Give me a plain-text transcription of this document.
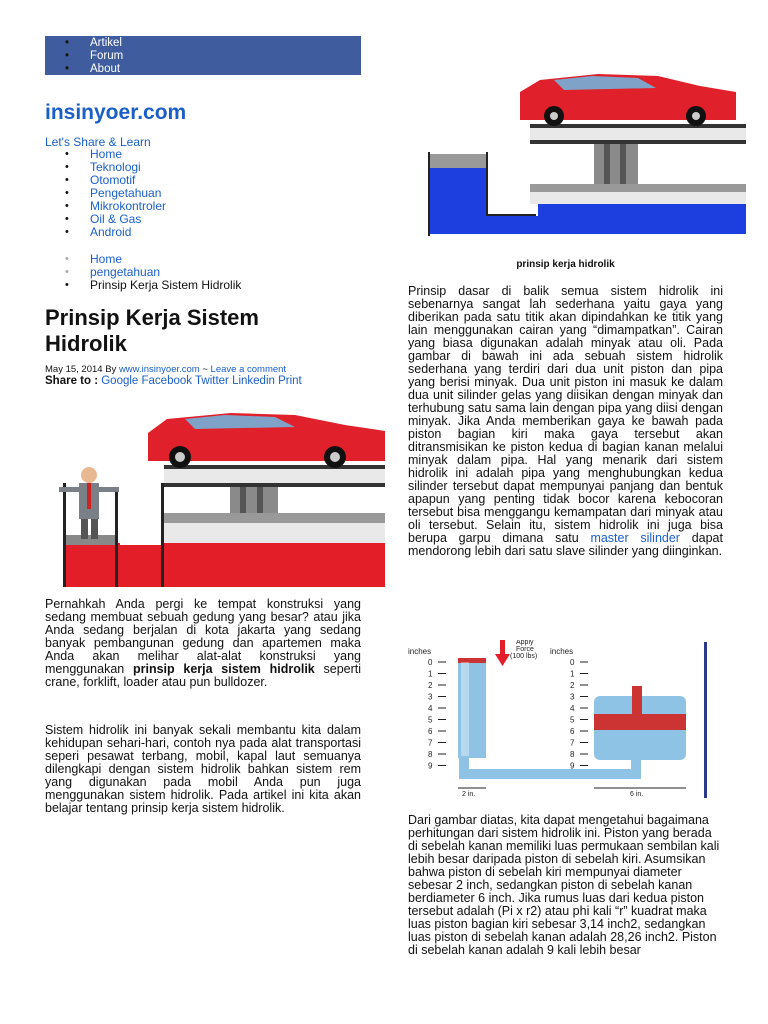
• Artikel
• Forum
• About
insinyoer.com
Let's Share & Learn
• Home
• Teknologi
• Otomotif
• Pengetahuan
• Mikrokontroler
• Oil & Gas
• Android
• Home
• pengetahuan
• Prinsip Kerja Sistem Hidrolik
Prinsip Kerja Sistem Hidrolik
May 15, 2014 By www.insinyoer.com ~ Leave a comment
Share to : Google Facebook Twitter Linkedin Print

Pernahkah Anda pergi ke tempat konstruksi yang sedang membuat sebuah gedung yang besar? atau jika Anda sedang berjalan di kota jakarta yang sedang banyak pembangunan gedung dan apartemen maka Anda akan melihar alat-alat konstruksi yang menggunakan prinsip kerja sistem hidrolik seperti crane, forklift, loader atau pun bulldozer.

Sistem hidrolik ini banyak sekali membantu kita dalam kehidupan sehari-hari, contoh nya pada alat transportasi seperi pesawat terbang, mobil, kapal laut semuanya dilengkapi dengan sistem hidrolik bahkan sistem rem yang digunakan pada mobil Anda pun juga menggunakan sistem hidrolik. Pada artikel ini kita akan belajar tentang prinsip kerja sistem hidrolik.

prinsip kerja hidrolik

Prinsip dasar di balik semua sistem hidrolik ini sebenarnya sangat lah sederhana yaitu gaya yang diberikan pada satu titik akan dipindahkan ke titik yang lain menggunakan cairan yang “dimampatkan”. Cairan yang biasa digunakan adalah minyak atau oli. Pada gambar di bawah ini ada sebuah sistem hidrolik sederhana yang terdiri dari dua unit piston dan pipa yang berisi minyak. Dua unit piston ini masuk ke dalam dua unit silinder gelas yang diisikan dengan minyak dan terhubung satu sama lain dengan pipa yang diisi dengan minyak. Jika Anda memberikan gaya ke bawah pada piston bagian kiri maka gaya tersebut akan ditransmisikan ke piston kedua di bagian kanan melalui minyak dalam pipa. Hal yang menarik dari sistem hidrolik ini adalah pipa yang menghubungkan kedua silinder tersebut dapat mempunyai panjang dan bentuk apapun yang penting tidak bocor karena kebocoran tersebut bisa menggangu kemampatan dari minyak atau oli tersebut. Selain itu, sistem hidrolik ini juga bisa berupa garpu dimana satu master silinder dapat mendorong lebih dari satu slave silinder yang diinginkan.

inches	inches
0
1
2
3
4
5
6
7
8
9
0
1
2
3
4
5
6
7
8
9
Apply
Force
(100 lbs)
2 in.	6 in.

Dari gambar diatas, kita dapat mengetahui bagaimana perhitungan dari sistem hidrolik ini. Piston yang berada di sebelah kanan memiliki luas permukaan sembilan kali lebih besar daripada piston di sebelah kiri. Asumsikan bahwa piston di sebelah kiri mempunyai diameter sebesar 2 inch, sedangkan piston di sebelah kanan berdiameter 6 inch. Jika rumus luas dari kedua piston tersebut adalah (Pi x r2) atau phi kali “r” kuadrat maka luas piston bagian kiri sebesar 3,14 inch2, sedangkan luas piston di sebelah kanan adalah 28,26 inch2. Piston di sebelah kanan adalah 9 kali lebih besar
